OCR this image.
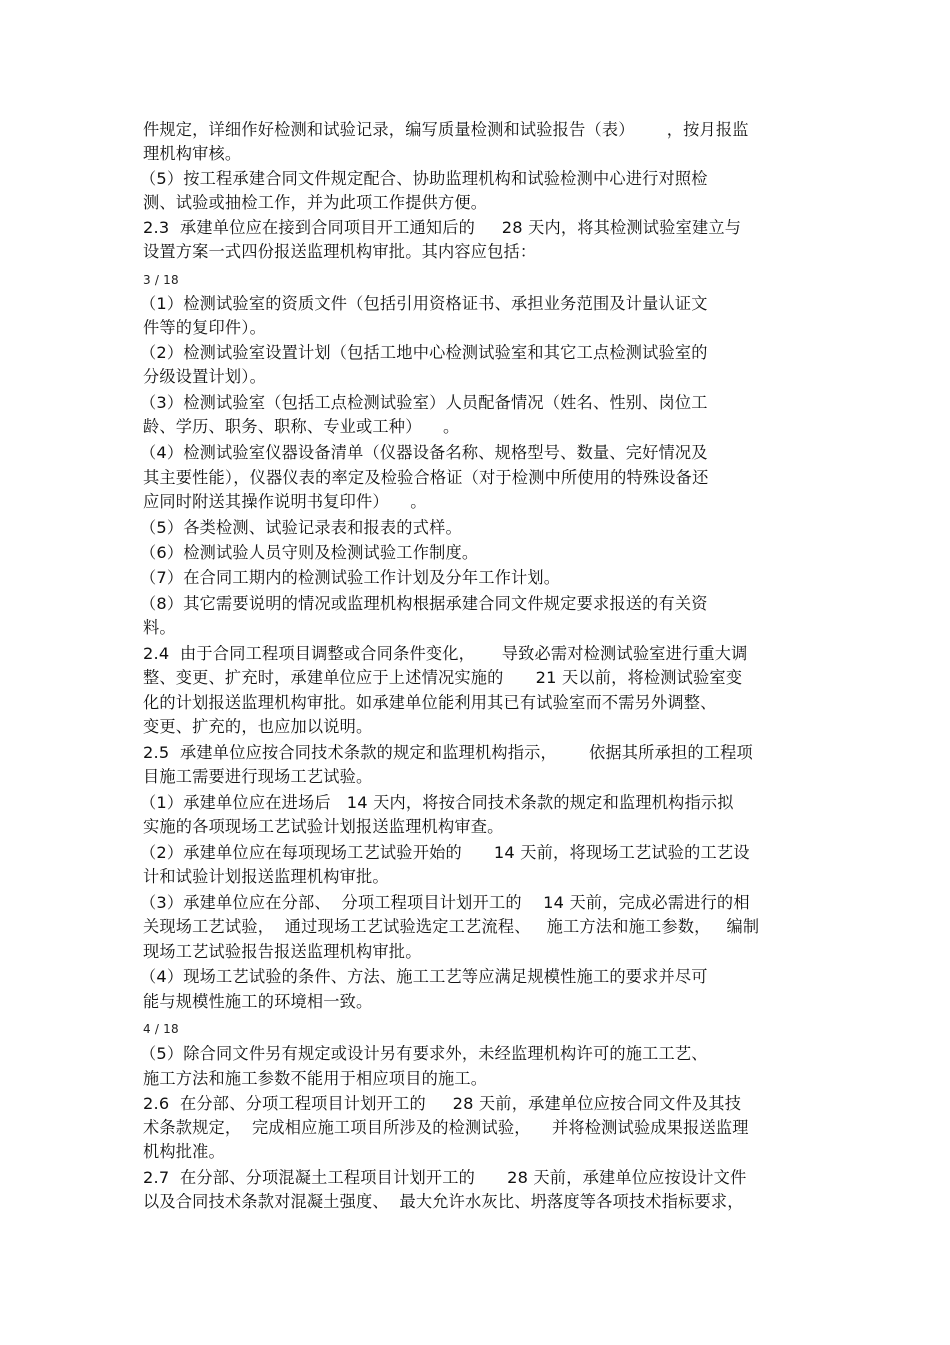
件规定，详细作好检测和试验记录，编写质量检测和试验报告（表）      ，按月报监
理机构审核。
（5）按工程承建合同文件规定配合、协助监理机构和试验检测中心进行对照检
测、试验或抽检工作，并为此项工作提供方便。
2.3  承建单位应在接到合同项目开工通知后的     28 天内，将其检测试验室建立与
设置方案一式四份报送监理机构审批。其内容应包括：
3 / 18
（1）检测试验室的资质文件（包括引用资格证书、承担业务范围及计量认证文
件等的复印件）。
（2）检测试验室设置计划（包括工地中心检测试验室和其它工点检测试验室的
分级设置计划）。
（3）检测试验室（包括工点检测试验室）人员配备情况（姓名、性别、岗位工
龄、学历、职务、职称、专业或工种）    。
（4）检测试验室仪器设备清单（仪器设备名称、规格型号、数量、完好情况及
其主要性能），仪器仪表的率定及检验合格证（对于检测中所使用的特殊设备还
应同时附送其操作说明书复印件）    。
（5）各类检测、试验记录表和报表的式样。
（6）检测试验人员守则及检测试验工作制度。
（7）在合同工期内的检测试验工作计划及分年工作计划。
（8）其它需要说明的情况或监理机构根据承建合同文件规定要求报送的有关资
料。
2.4  由于合同工程项目调整或合同条件变化，     导致必需对检测试验室进行重大调
整、变更、扩充时，承建单位应于上述情况实施的      21 天以前，将检测试验室变
化的计划报送监理机构审批。如承建单位能利用其已有试验室而不需另外调整、
变更、扩充的，也应加以说明。
2.5  承建单位应按合同技术条款的规定和监理机构指示，      依据其所承担的工程项
目施工需要进行现场工艺试验。
（1）承建单位应在进场后   14 天内，将按合同技术条款的规定和监理机构指示拟
实施的各项现场工艺试验计划报送监理机构审查。
（2）承建单位应在每项现场工艺试验开始的      14 天前，将现场工艺试验的工艺设
计和试验计划报送监理机构审批。
（3）承建单位应在分部、  分项工程项目计划开工的    14 天前，完成必需进行的相
关现场工艺试验，  通过现场工艺试验选定工艺流程、   施工方法和施工参数，   编制
现场工艺试验报告报送监理机构审批。
（4）现场工艺试验的条件、方法、施工工艺等应满足规模性施工的要求并尽可
能与规模性施工的环境相一致。
4 / 18
（5）除合同文件另有规定或设计另有要求外，未经监理机构许可的施工工艺、
施工方法和施工参数不能用于相应项目的施工。
2.6  在分部、分项工程项目计划开工的     28 天前，承建单位应按合同文件及其技
术条款规定，  完成相应施工项目所涉及的检测试验，    并将检测试验成果报送监理
机构批准。
2.7  在分部、分项混凝土工程项目计划开工的      28 天前，承建单位应按设计文件
以及合同技术条款对混凝土强度、  最大允许水灰比、坍落度等各项技术指标要求，
